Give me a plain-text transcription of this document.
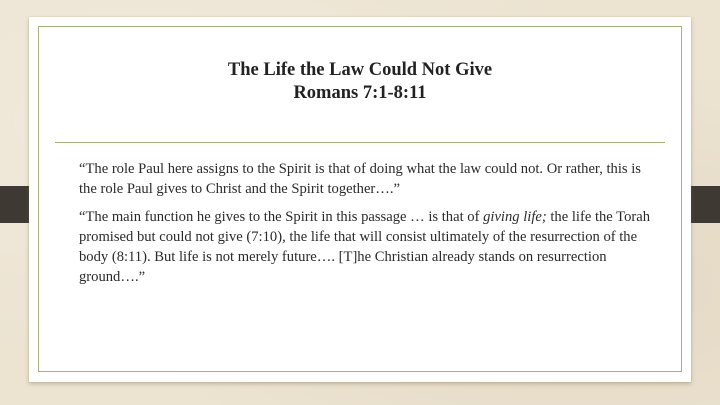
The Life the Law Could Not Give
Romans 7:1-8:11

“The role Paul here assigns to the Spirit is that of doing what the law could not. Or rather, this is the role Paul gives to Christ and the Spirit together….”

“The main function he gives to the Spirit in this passage … is that of giving life; the life the Torah promised but could not give (7:10), the life that will consist ultimately of the resurrection of the body (8:11). But life is not merely future…. [T]he Christian already stands on resurrection ground….”
